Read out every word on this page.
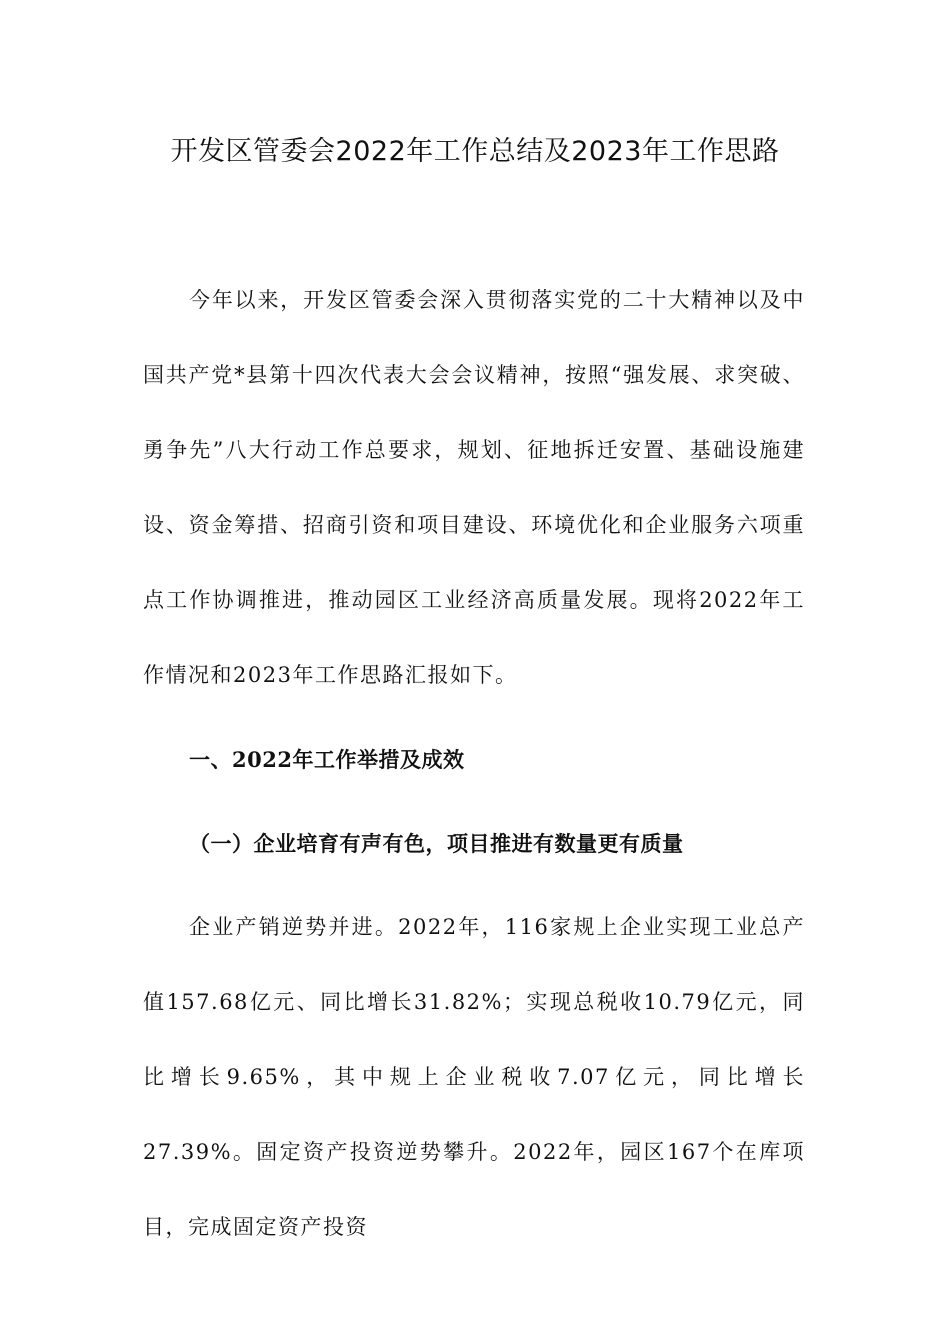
开发区管委会2022年工作总结及2023年工作思路

今年以来，开发区管委会深入贯彻落实党的二十大精神以及中国共产党*县第十四次代表大会会议精神，按照“强发展、求突破、勇争先”八大行动工作总要求，规划、征地拆迁安置、基础设施建设、资金筹措、招商引资和项目建设、环境优化和企业服务六项重点工作协调推进，推动园区工业经济高质量发展。现将2022年工作情况和2023年工作思路汇报如下。

一、2022年工作举措及成效
（一）企业培育有声有色，项目推进有数量更有质量

企业产销逆势并进。2022年，116家规上企业实现工业总产值157.68亿元、同比增长31.82%；实现总税收10.79亿元，同比增长9.65%，其中规上企业税收7.07亿元，同比增长27.39%。固定资产投资逆势攀升。2022年，园区167个在库项目，完成固定资产投资
